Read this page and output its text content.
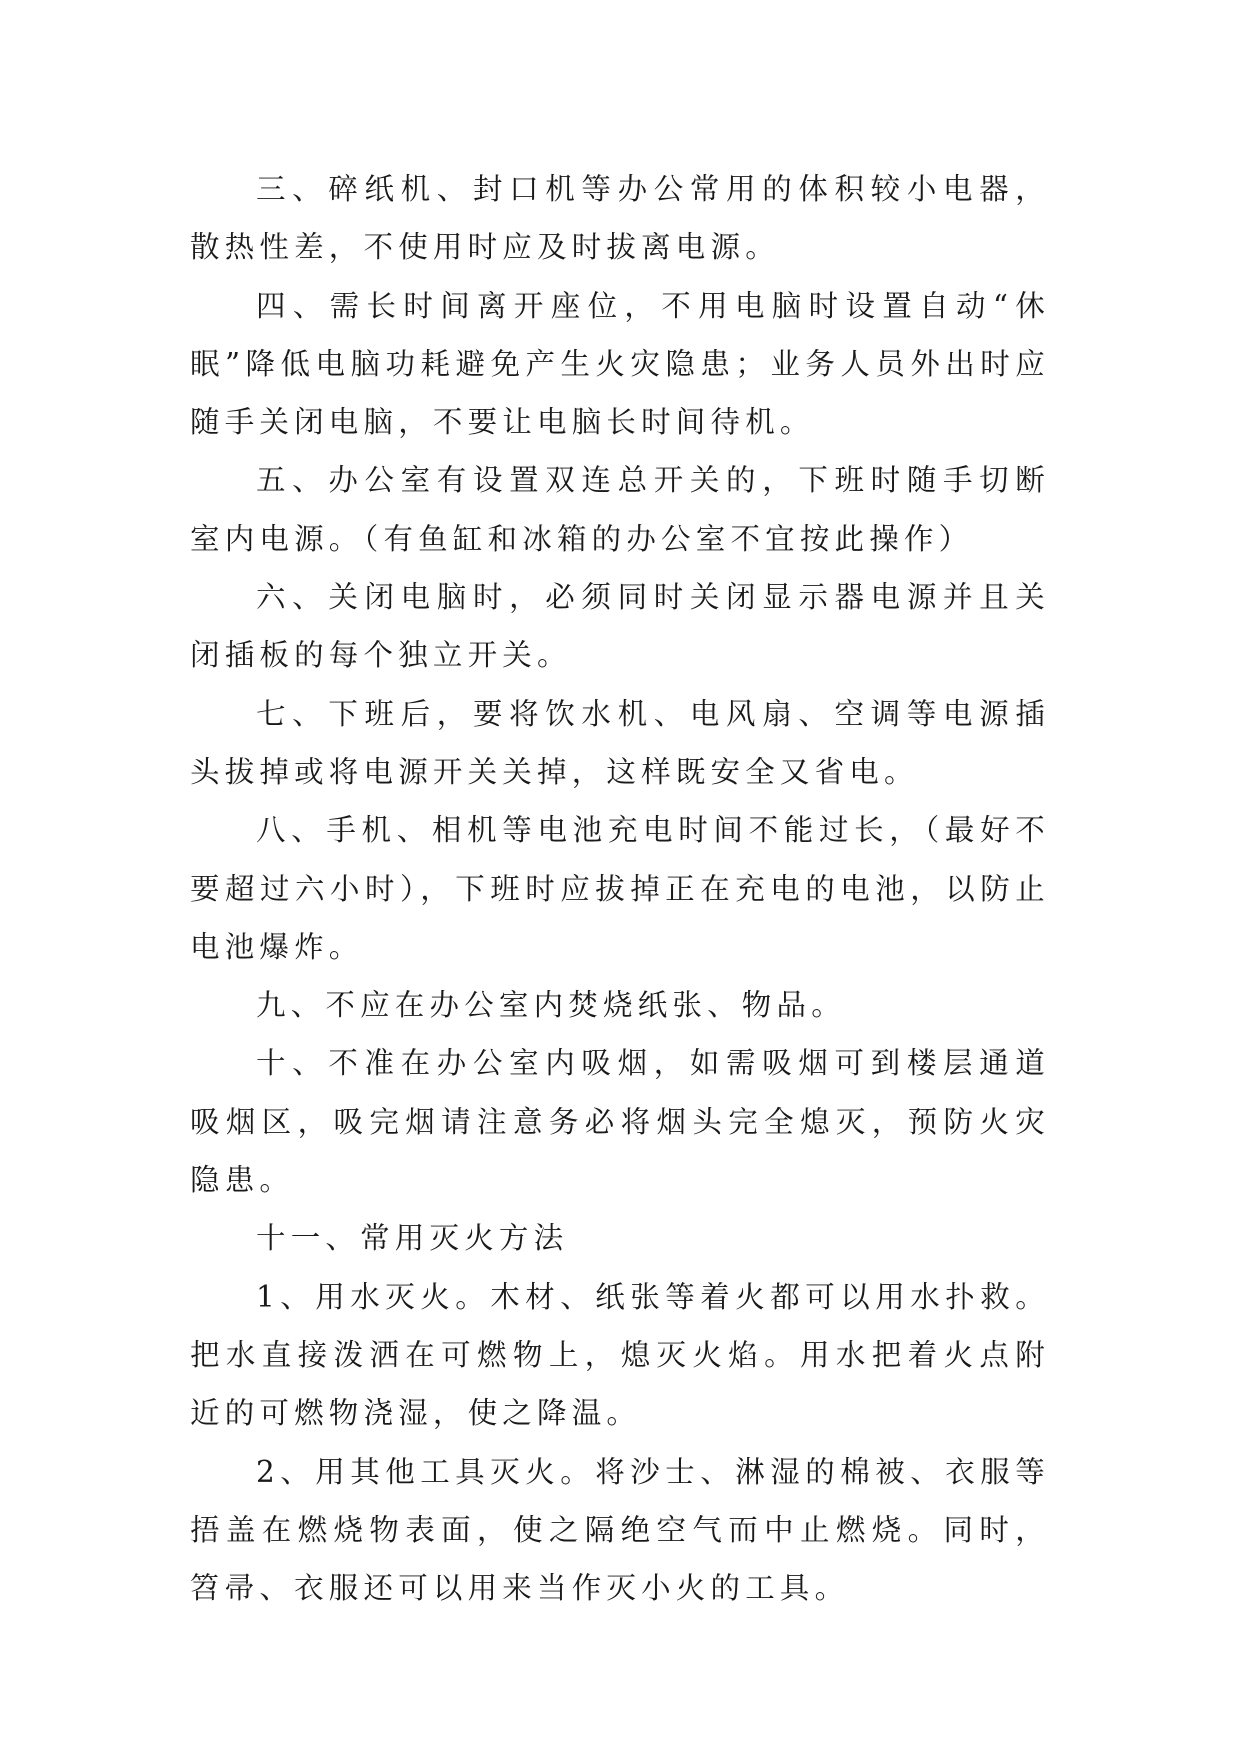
三、碎纸机、封口机等办公常用的体积较小电器，散热性差，不使用时应及时拔离电源。

四、需长时间离开座位，不用电脑时设置自动“休眠”降低电脑功耗避免产生火灾隐患；业务人员外出时应随手关闭电脑，不要让电脑长时间待机。

五、办公室有设置双连总开关的，下班时随手切断室内电源。（有鱼缸和冰箱的办公室不宜按此操作）

六、关闭电脑时，必须同时关闭显示器电源并且关闭插板的每个独立开关。

七、下班后，要将饮水机、电风扇、空调等电源插头拔掉或将电源开关关掉，这样既安全又省电。

八、手机、相机等电池充电时间不能过长，（最好不要超过六小时），下班时应拔掉正在充电的电池，以防止电池爆炸。

九、不应在办公室内焚烧纸张、物品。

十、不准在办公室内吸烟，如需吸烟可到楼层通道吸烟区，吸完烟请注意务必将烟头完全熄灭，预防火灾隐患。

十一、常用灭火方法

1、用水灭火。木材、纸张等着火都可以用水扑救。把水直接泼洒在可燃物上，熄灭火焰。用水把着火点附近的可燃物浇湿，使之降温。

2、用其他工具灭火。将沙士、淋湿的棉被、衣服等捂盖在燃烧物表面，使之隔绝空气而中止燃烧。同时，笤帚、衣服还可以用来当作灭小火的工具。
